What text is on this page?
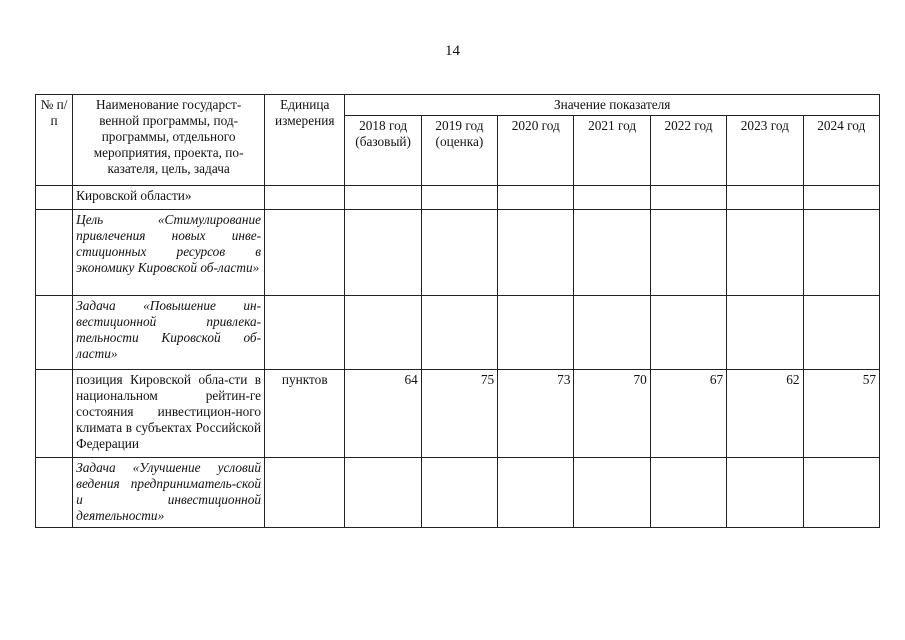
14
№ п/п	Наименование государст-венной программы, под-программы, отдельного мероприятия, проекта, по-казателя, цель, задача	Единица измерения	Значение показателя						
			2018 год (базовый)	2019 год (оценка)	2020 год	2021 год	2022 год	2023 год	2024 год
	Кировской области»								
	Цель «Стимулирование привлечения новых инве-стиционных ресурсов в экономику Кировской об-ласти»								
	Задача «Повышение ин-вестиционной привлека-тельности Кировской об-ласти»								
	позиция Кировской обла-сти в национальном рейтин-ге состояния инвестицион-ного климата в субъектах Российской Федерации	пунктов	64	75	73	70	67	62	57
	Задача «Улучшение условий ведения предприниматель-ской и инвестиционной деятельности»								
